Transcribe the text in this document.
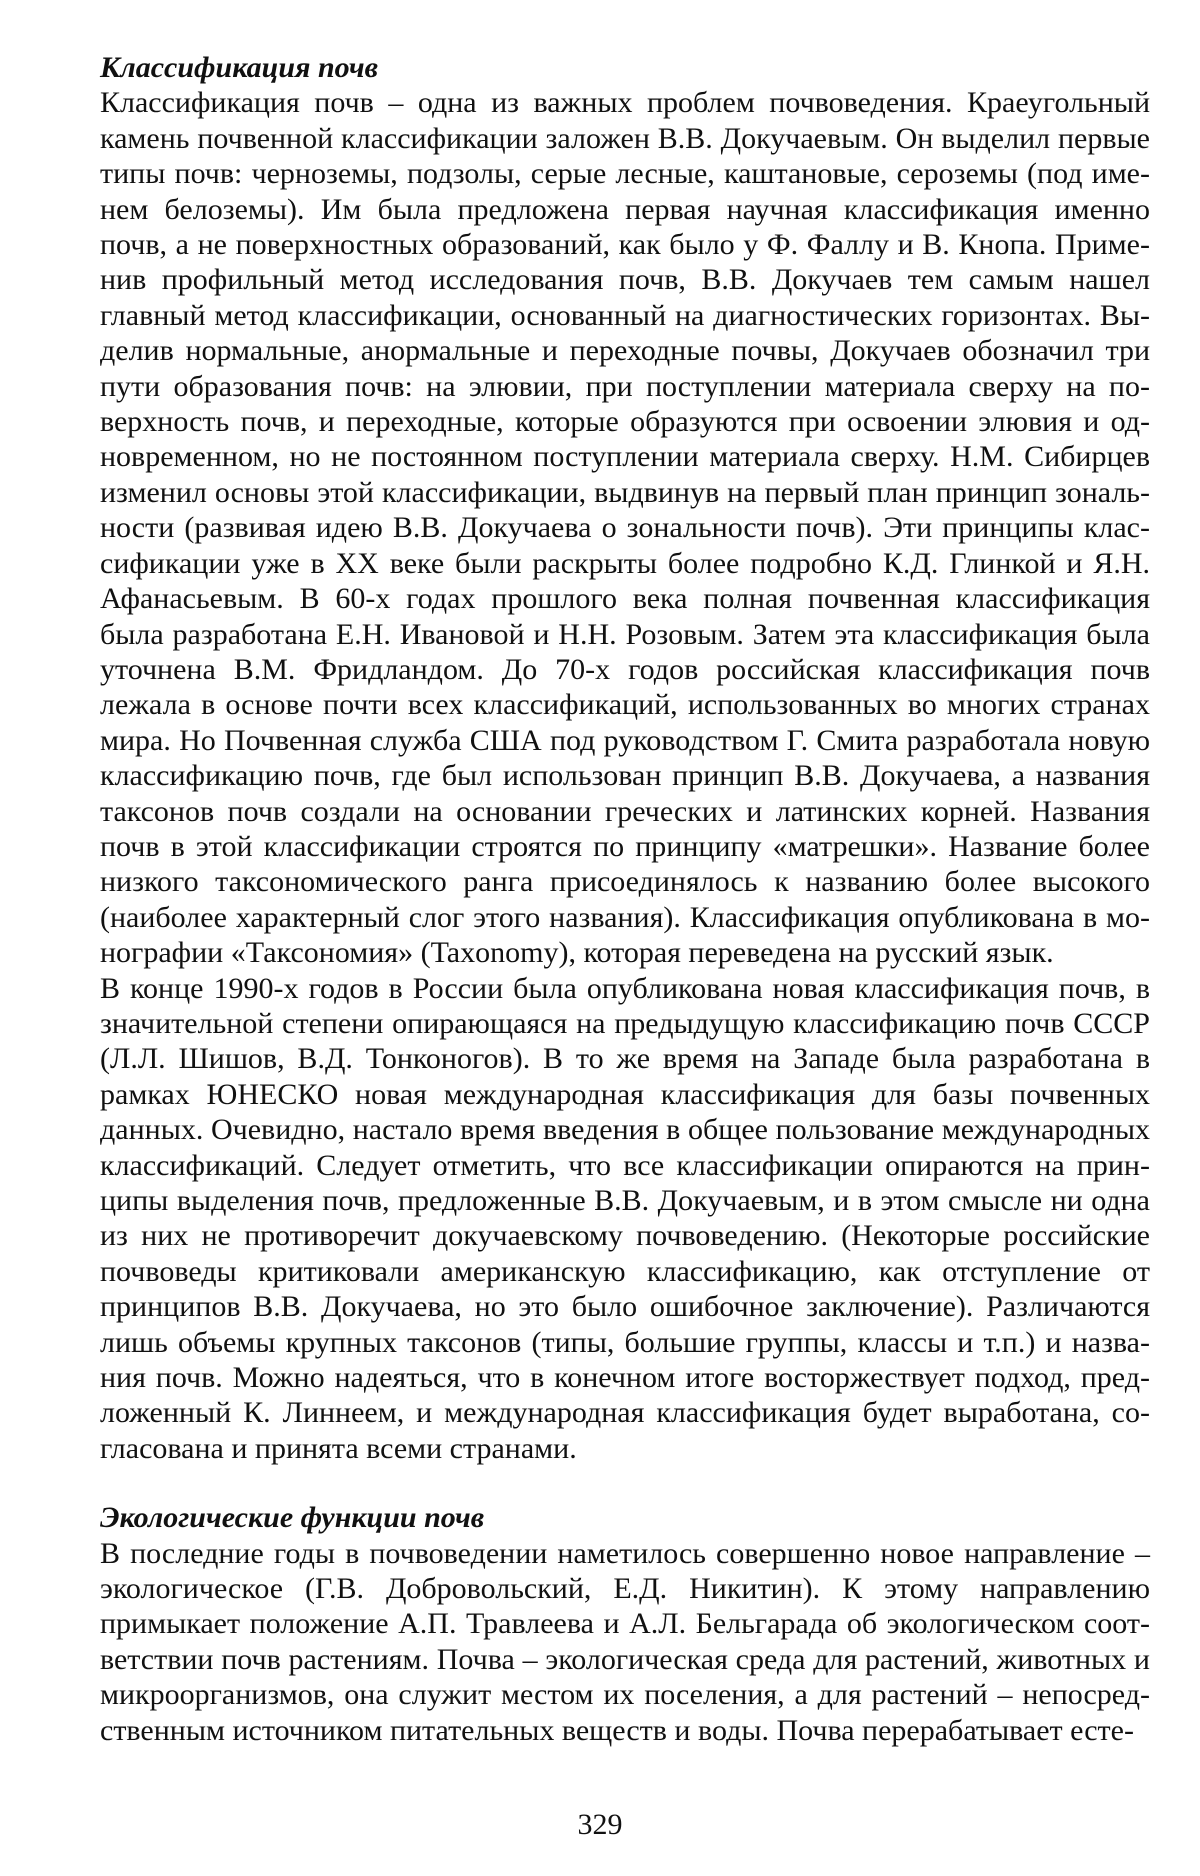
Классификация почв

Классификация почв – одна из важных проблем почвоведения. Краеугольный камень почвенной классификации заложен В.В. Докучаевым. Он выделил первые типы почв: черноземы, подзолы, серые лесные, каштановые, сероземы (под именем белоземы). Им была предложена первая научная классификация именно почв, а не поверхностных образований, как было у Ф. Фаллу и В. Кнопа. Применив профильный метод исследования почв, В.В. Докучаев тем самым нашел главный метод классификации, основанный на диагностических горизонтах. Выделив нормальные, анормальные и переходные почвы, Докучаев обозначил три пути образования почв: на элювии, при поступлении материала сверху на поверхность почв, и переходные, которые образуются при освоении элювия и одновременном, но не постоянном поступлении материала сверху. Н.М. Сибирцев изменил основы этой классификации, выдвинув на первый план принцип зональности (развивая идею В.В. Докучаева о зональности почв). Эти принципы классификации уже в XX веке были раскрыты более подробно К.Д. Глинкой и Я.Н. Афанасьевым. В 60-х годах прошлого века полная почвенная классификация была разработана Е.Н. Ивановой и Н.Н. Розовым. Затем эта классификация была уточнена В.М. Фридландом. До 70-х годов российская классификация почв лежала в основе почти всех классификаций, использованных во многих странах мира. Но Почвенная служба США под руководством Г. Смита разработала новую классификацию почв, где был использован принцип В.В. Докучаева, а названия таксонов почв создали на основании греческих и латинских корней. Названия почв в этой классификации строятся по принципу «матрешки». Название более низкого таксономического ранга присоединялось к названию более высокого (наиболее характерный слог этого названия). Классификация опубликована в монографии «Таксономия» (Taxonomy), которая переведена на русский язык.

В конце 1990-х годов в России была опубликована новая классификация почв, в значительной степени опирающаяся на предыдущую классификацию почв СССР (Л.Л. Шишов, В.Д. Тонконогов). В то же время на Западе была разработана в рамках ЮНЕСКО новая международная классификация для базы почвенных данных. Очевидно, настало время введения в общее пользование международных классификаций. Следует отметить, что все классификации опираются на принципы выделения почв, предложенные В.В. Докучаевым, и в этом смысле ни одна из них не противоречит докучаевскому почвоведению. (Некоторые российские почвоведы критиковали американскую классификацию, как отступление от принципов В.В. Докучаева, но это было ошибочное заключение). Различаются лишь объемы крупных таксонов (типы, большие группы, классы и т.п.) и названия почв. Можно надеяться, что в конечном итоге восторжествует подход, предложенный К. Линнеем, и международная классификация будет выработана, согласована и принята всеми странами.

Экологические функции почв

В последние годы в почвоведении наметилось совершенно новое направление – экологическое (Г.В. Добровольский, Е.Д. Никитин). К этому направлению примыкает положение А.П. Травлеева и А.Л. Бельгарада об экологическом соответствии почв растениям. Почва – экологическая среда для растений, животных и микроорганизмов, она служит местом их поселения, а для растений – непосредственным источником питательных веществ и воды. Почва перерабатывает есте-

329
